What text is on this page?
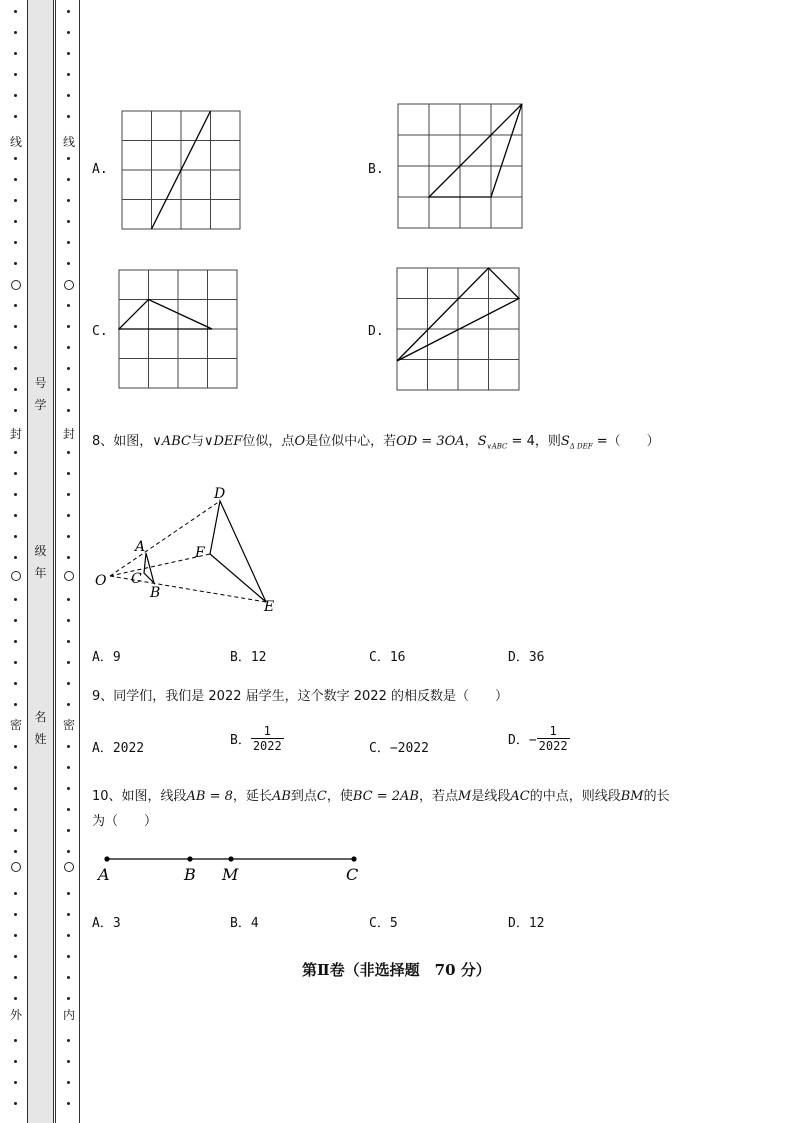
线
封
密
外
号
学
级
年
名
姓
线
封
密
内
A.	B.
C.	D.
8、如图，∨ABC与∨DEF位似，点O是位似中心，若OD = 3OA，$S_{\vee ABC} = 4$，则$S_{\Delta DEF}$ =（　　）
D
A	F
O C
B
E
A．9	B．12	C．16	D．36
9、同学们，我们是 2022 届学生，这个数字 2022 的相反数是（　　）
A．2022
B． $\frac{1}{2022}$	C．−2022
D．− $\frac{1}{2022}$
10、如图，线段AB = 8，延长AB到点C，使BC = 2AB，若点M是线段AC的中点，则线段BM的长
为（　　）
A	B M	C
A．3	B．4	C．5	D．12
第Ⅱ卷（非选择题　70 分）
